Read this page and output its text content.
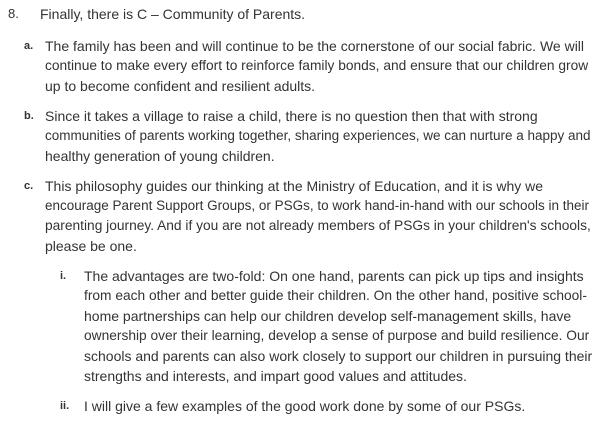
8.	Finally, there is C – Community of Parents.
a. The family has been and will continue to be the cornerstone of our social fabric. We will
continue to make every effort to reinforce family bonds, and ensure that our children grow
up to become confident and resilient adults.
b. Since it takes a village to raise a child, there is no question then that with strong
communities of parents working together, sharing experiences, we can nurture a happy and
healthy generation of young children.
c. This philosophy guides our thinking at the Ministry of Education, and it is why we
encourage Parent Support Groups, or PSGs, to work hand-in-hand with our schools in their
parenting journey. And if you are not already members of PSGs in your children's schools,
please be one.
i.	The advantages are two-fold: On one hand, parents can pick up tips and insights
from each other and better guide their children. On the other hand, positive school-
home partnerships can help our children develop self-management skills, have
ownership over their learning, develop a sense of purpose and build resilience. Our
schools and parents can also work closely to support our children in pursuing their
strengths and interests, and impart good values and attitudes.
ii.	I will give a few examples of the good work done by some of our PSGs.
